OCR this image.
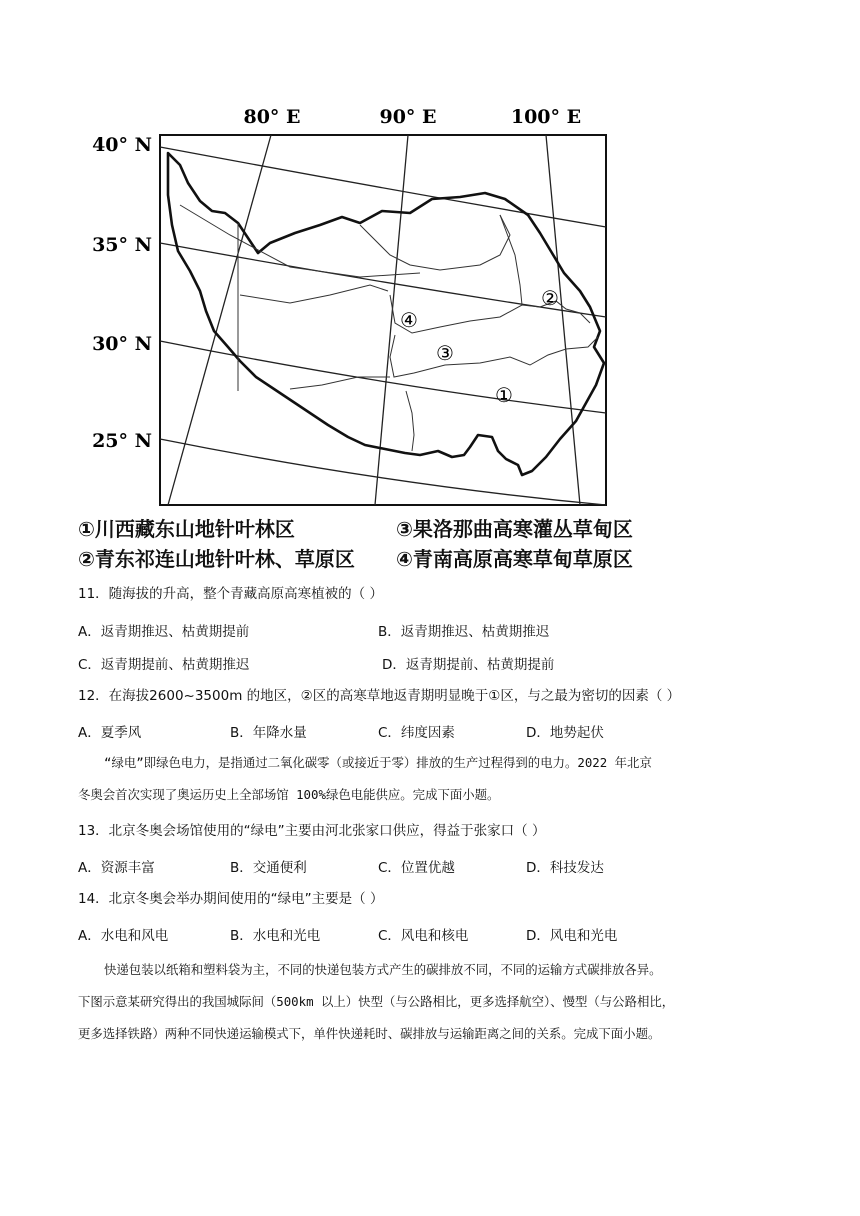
80° E	90° E	100° E
40° N
35° N
30° N
25° N
①
②
③
④
①川西藏东山地针叶林区	③果洛那曲高寒灌丛草甸区
②青东祁连山地针叶林、草原区 ④青南高原高寒草甸草原区
11．随海拔的升高，整个青藏高原高寒植被的（ ）
A．返青期推迟、枯黄期提前	B．返青期推迟、枯黄期推迟
C．返青期提前、枯黄期推迟	D．返青期提前、枯黄期提前
12．在海拔2600~3500m 的地区，②区的高寒草地返青期明显晚于①区，与之最为密切的因素（ ）
A．夏季风	B．年降水量	C．纬度因素	D．地势起伏
“绿电”即绿色电力，是指通过二氧化碳零（或接近于零）排放的生产过程得到的电力。2022 年北京
冬奥会首次实现了奥运历史上全部场馆 100%绿色电能供应。完成下面小题。
13．北京冬奥会场馆使用的“绿电”主要由河北张家口供应，得益于张家口（ ）
A．资源丰富	B．交通便利	C．位置优越	D．科技发达
14．北京冬奥会举办期间使用的“绿电”主要是（ ）
A．水电和风电	B．水电和光电	C．风电和核电	D．风电和光电
快递包装以纸箱和塑料袋为主，不同的快递包装方式产生的碳排放不同，不同的运输方式碳排放各异。
下图示意某研究得出的我国城际间（500km 以上）快型（与公路相比，更多选择航空）、慢型（与公路相比，
更多选择铁路）两种不同快递运输模式下，单件快递耗时、碳排放与运输距离之间的关系。完成下面小题。
